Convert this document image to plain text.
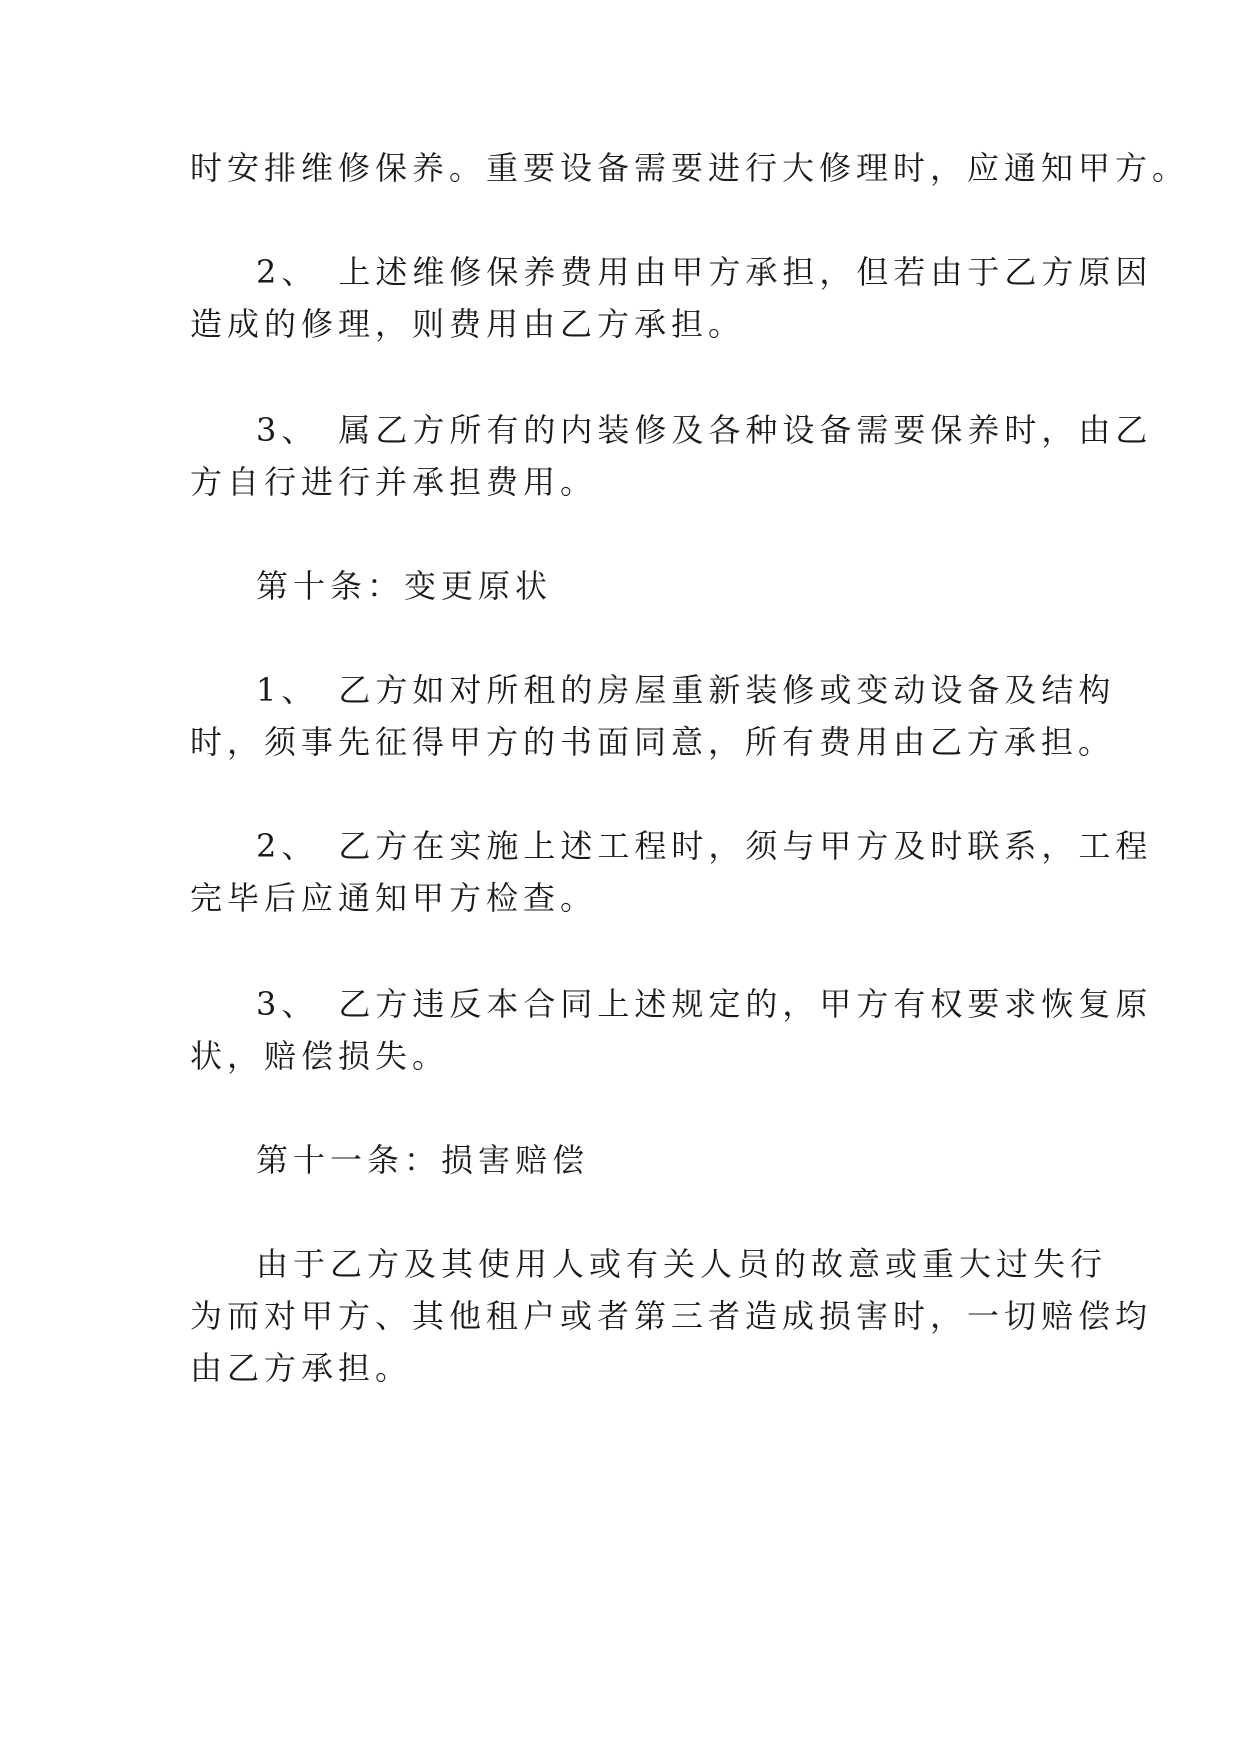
时安排维修保养。重要设备需要进行大修理时，应通知甲方。
2、 上述维修保养费用由甲方承担，但若由于乙方原因
造成的修理，则费用由乙方承担。
3、 属乙方所有的内装修及各种设备需要保养时，由乙
方自行进行并承担费用。
第十条：变更原状
1、 乙方如对所租的房屋重新装修或变动设备及结构
时，须事先征得甲方的书面同意，所有费用由乙方承担。
2、 乙方在实施上述工程时，须与甲方及时联系，工程
完毕后应通知甲方检查。
3、 乙方违反本合同上述规定的，甲方有权要求恢复原
状，赔偿损失。
第十一条：损害赔偿
由于乙方及其使用人或有关人员的故意或重大过失行
为而对甲方、其他租户或者第三者造成损害时，一切赔偿均
由乙方承担。
